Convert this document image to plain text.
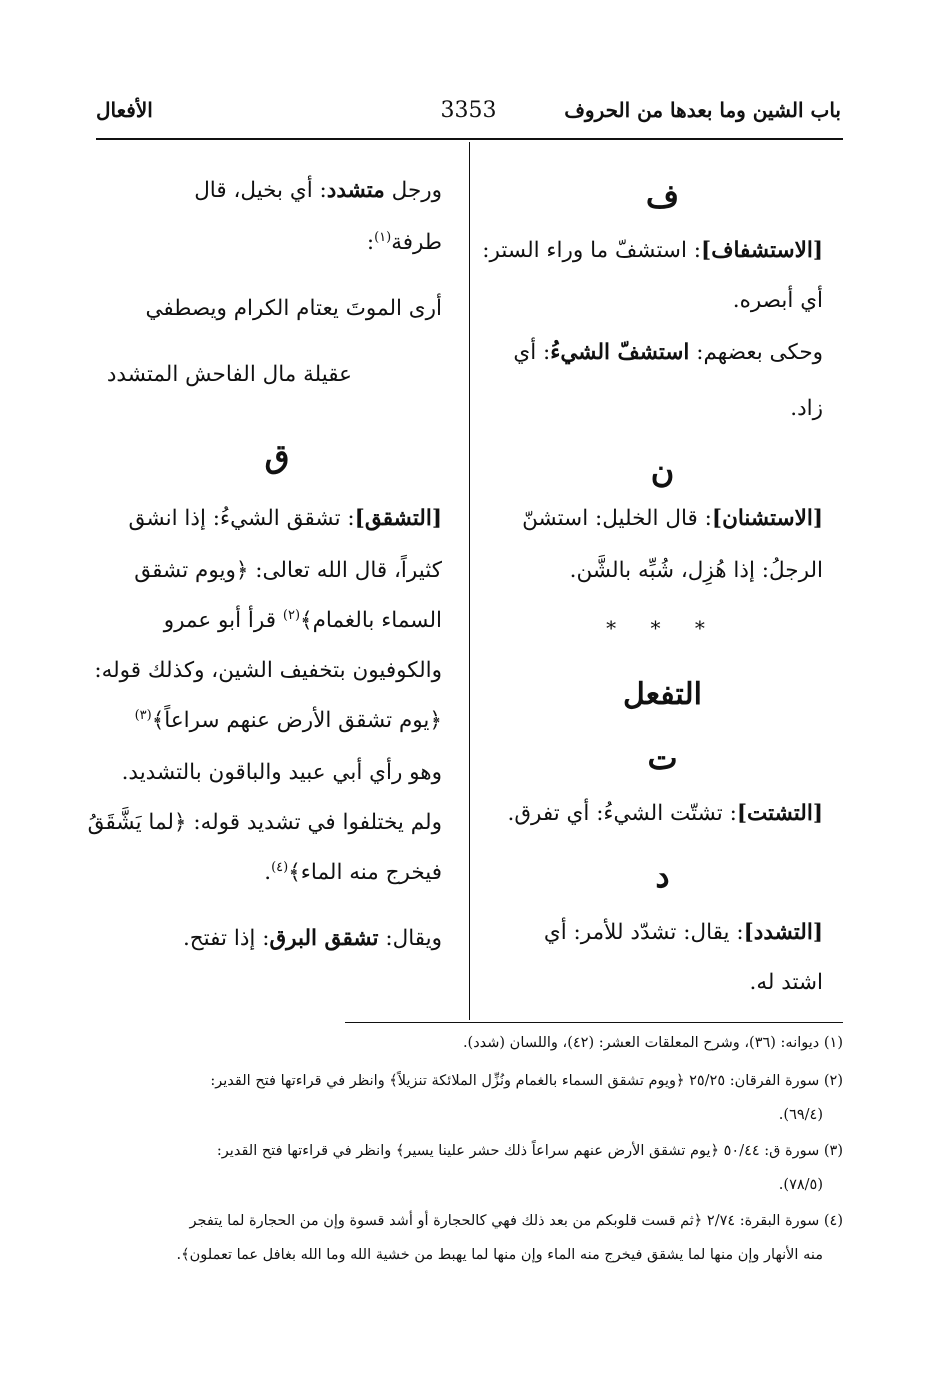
باب الشين وما بعدها من الحروف
3353
الأفعال
ف
[الاستشفاف]: استشفّ ما وراء الستر:
أي أبصره.
وحكى بعضهم: استشفّ الشيءُ: أي
زاد.
ن
[الاستشنان]: قال الخليل: استشنّ
الرجلُ: إذا هُزِل، شُبِّه بالشَّن.
* * *
التفعل
ت
[التشتت]: تشتّت الشيءُ: أي تفرق.
د
[التشدد]: يقال: تشدّد للأمر: أي
اشتد له.
ورجل متشدد: أي بخيل، قال
طرفة$^{(١)}$:
أرى الموتَ يعتام الكرام ويصطفي
عقيلة مال الفاحش المتشدد
ق
[التشقق]: تشقق الشيءُ: إذا انشق
كثيراً، قال الله تعالى: ﴿ويوم تشقق
السماء بالغمام﴾$^{(٢)}$ قرأ أبو عمرو
والكوفيون بتخفيف الشين، وكذلك قوله:
﴿يوم تشقق الأرض عنهم سراعاً﴾$^{(٣)}$
وهو رأي أبي عبيد والباقون بالتشديد.
ولم يختلفوا في تشديد قوله: ﴿لما يَشَّقَقُ
فيخرج منه الماء﴾$^{(٤)}$.
ويقال: تشقق البرق: إذا تفتح.
(١) ديوانه: (٣٦)، وشرح المعلقات العشر: (٤٢)، واللسان (شدد).
(٢) سورة الفرقان: ٢٥/٢٥ ﴿ويوم تشقق السماء بالغمام ونُزِّل الملائكة تنزيلاً﴾ وانظر في قراءتها فتح القدير:
(٦٩/٤).
(٣) سورة ق: ٥٠/٤٤ ﴿يوم تشقق الأرض عنهم سراعاً ذلك حشر علينا يسير﴾ وانظر في قراءتها فتح القدير:
(٧٨/٥).
(٤) سورة البقرة: ٢/٧٤ ﴿ثم قست قلوبكم من بعد ذلك فهي كالحجارة أو أشد قسوة وإن من الحجارة لما يتفجر
منه الأنهار وإن منها لما يشقق فيخرج منه الماء وإن منها لما يهبط من خشية الله وما الله بغافل عما تعملون﴾.
